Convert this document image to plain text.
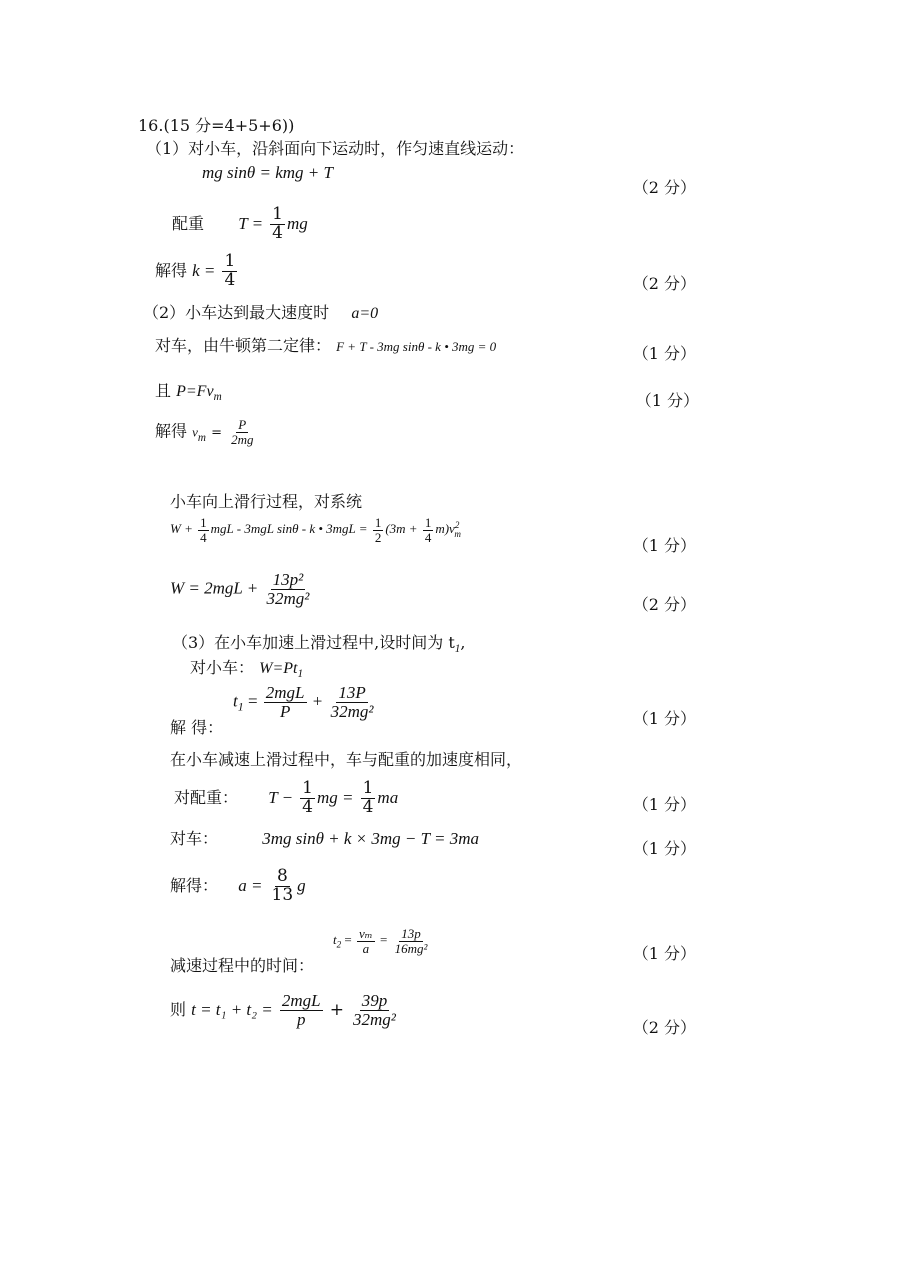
16.(15 分=4+5+6))
（1）对小车，沿斜面向下运动时，作匀速直线运动：
mg sinθ = kmg + T
（2 分）
配重 $T = \frac{1}{4}$ mg
解得 $k = \frac{1}{4}$	（2 分）
（2）小车达到最大速度时 a=0
对车，由牛顿第二定律： F + T - 3mg sinθ - k • 3mg = 0	（1 分）
且 $P=Fv_m$	（1 分）
解得 $v_m = \frac{P}{2mg}$
小车向上滑行过程，对系统
$W + \frac{1}{4}$ mgL - 3mgL sinθ - k • $3mgL = \frac{1}{2} (3m + \frac{1}{4} m)v^2_m$
（1 分）
$W = 2mgL + \frac{\text{13p²}}{\text{32mg²}}$	（2 分）
（3）在小车加速上滑过程中,设时间为 $t_1$,
对小车： $W=Pt_1$
解 得：
$t_1 = 2mgL$
P
+ $\frac{13P}{\text{32mg²}}$	（1 分）
在小车减速上滑过程中，车与配重的加速度相同，
对配重： $T - \frac{1}{4}$ mg = $\frac{1}{4}$ ma	（1 分）
对车：	3mg sinθ + k × 3mg − T = 3ma
（1 分）
解得： $a = \frac{8}{13}$ g
$t_2 = \frac{\text{vₘ}}{a} = \frac{13p}{\text{16mg²}}$
减速过程中的时间：
（1 分）
则 t = t₁ + t₂ = 2mgL
$p + \frac{39p}{\text{32mg²}}$	（2 分）
